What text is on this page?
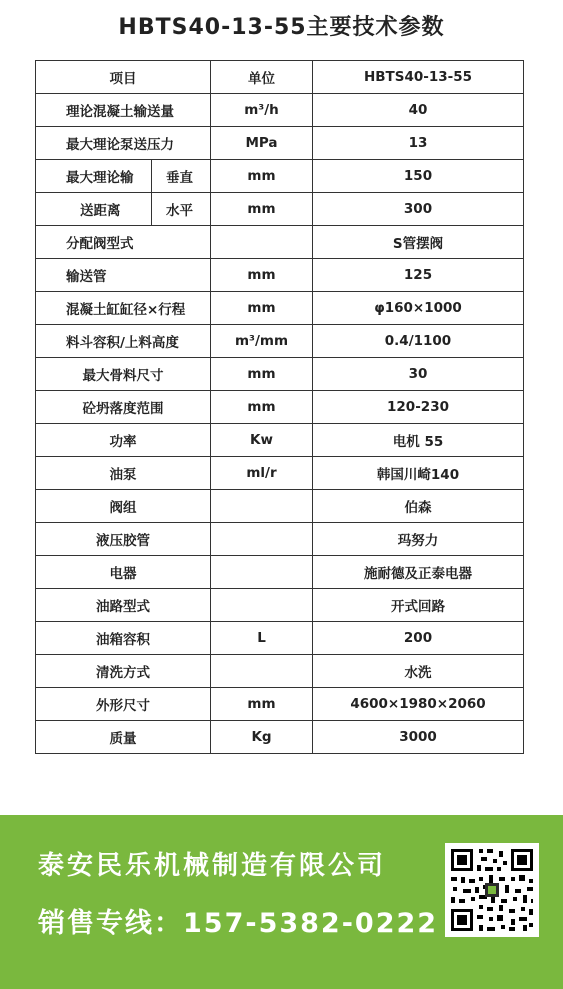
HBTS40-13-55主要技术参数
项目		单位	HBTS40-13-55
理论混凝土输送量		m³/h	40
最大理论泵送压力		MPa	13
最大理论输	垂直	mm	150
送距离	水平	mm	300
分配阀型式			S管摆阀
输送管		mm	125
混凝土缸缸径×行程		mm	φ160×1000
料斗容积/上料高度		m³/mm	0.4/1100
最大骨料尺寸		mm	30
砼坍落度范围		mm	120-230
功率		Kw	电机 55
油泵		ml/r	韩国川崎140
阀组			伯森
液压胶管			玛努力
电器			施耐德及正泰电器
油路型式			开式回路
油箱容积		L	200
清洗方式			水洗
外形尺寸		mm	4600×1980×2060
质量		Kg	3000
泰安民乐机械制造有限公司
销售专线：157-5382-0222
